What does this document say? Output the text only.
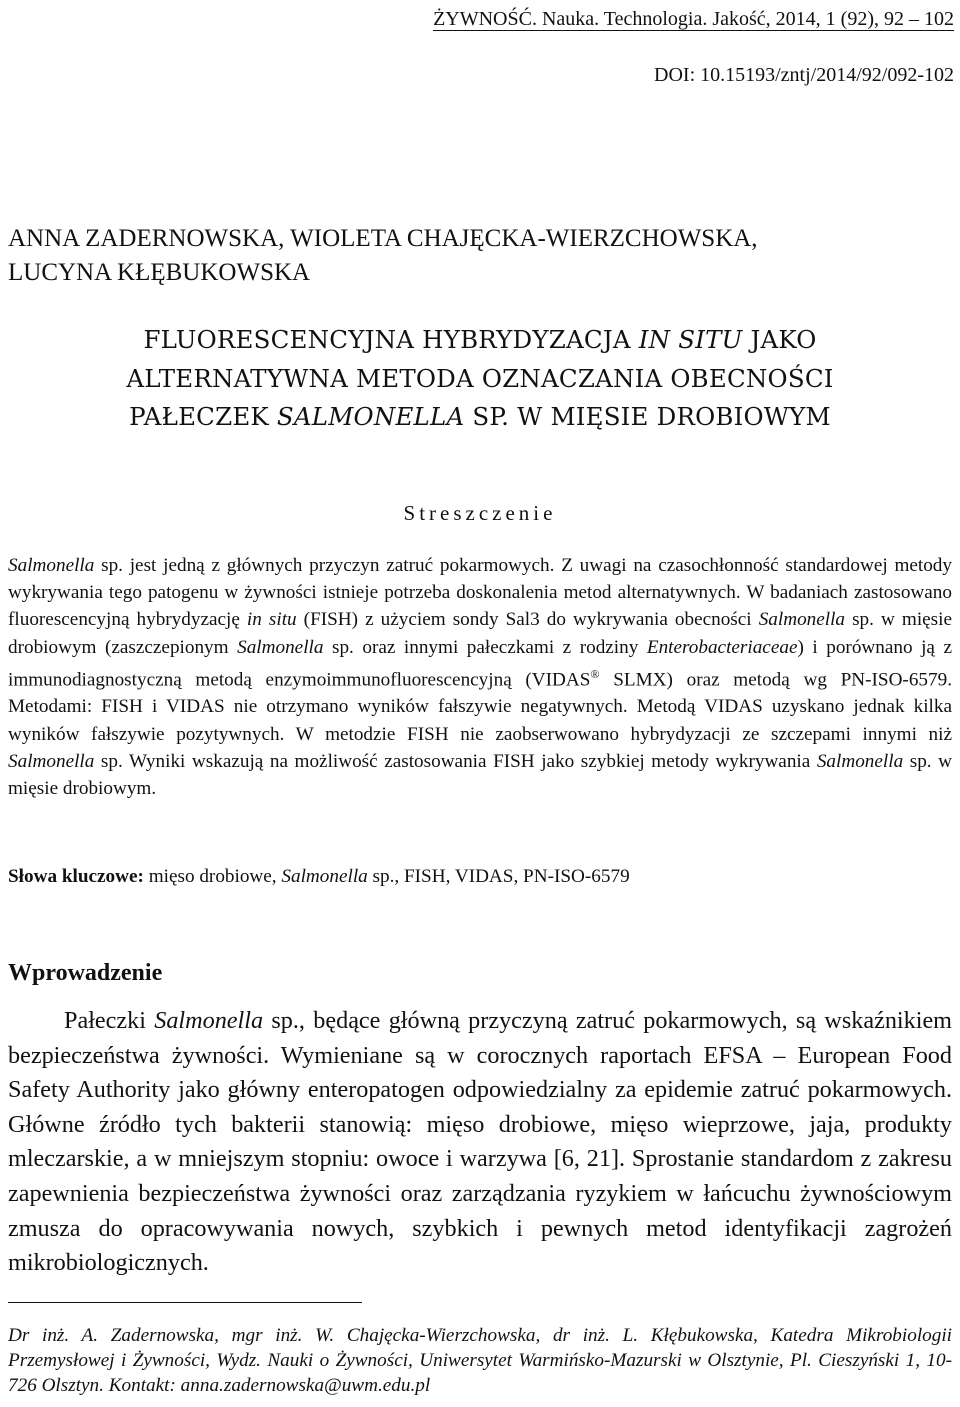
ŻYWNOŚĆ. Nauka. Technologia. Jakość, 2014, 1 (92), 92 – 102
DOI: 10.15193/zntj/2014/92/092-102
ANNA ZADERNOWSKA, WIOLETA CHAJĘCKA-WIERZCHOWSKA,
LUCYNA KŁĘBUKOWSKA
FLUORESCENCYJNA HYBRYDYZACJA IN SITU JAKO
ALTERNATYWNA METODA OZNACZANIA OBECNOŚCI
PAŁECZEK SALMONELLA SP. W MIĘSIE DROBIOWYM
Streszczenie
Salmonella sp. jest jedną z głównych przyczyn zatruć pokarmowych. Z uwagi na czasochłonność standardowej metody wykrywania tego patogenu w żywności istnieje potrzeba doskonalenia metod alternatywnych. W badaniach zastosowano fluorescencyjną hybrydyzację in situ (FISH) z użyciem sondy Sal3 do wykrywania obecności Salmonella sp. w mięsie drobiowym (zaszczepionym Salmonella sp. oraz innymi pałeczkami z rodziny Enterobacteriaceae) i porównano ją z immunodiagnostyczną metodą enzymoimmunofluorescencyjną (VIDAS® SLMX) oraz metodą wg PN-ISO-6579. Metodami: FISH i VIDAS nie otrzymano wyników fałszywie negatywnych. Metodą VIDAS uzyskano jednak kilka wyników fałszywie pozytywnych. W metodzie FISH nie zaobserwowano hybrydyzacji ze szczepami innymi niż Salmonella sp. Wyniki wskazują na możliwość zastosowania FISH jako szybkiej metody wykrywania Salmonella sp. w mięsie drobiowym.
Słowa kluczowe: mięso drobiowe, Salmonella sp., FISH, VIDAS, PN-ISO-6579
Wprowadzenie
Pałeczki Salmonella sp., będące główną przyczyną zatruć pokarmowych, są wskaźnikiem bezpieczeństwa żywności. Wymieniane są w corocznych raportach EFSA – European Food Safety Authority jako główny enteropatogen odpowiedzialny za epidemie zatruć pokarmowych. Główne źródło tych bakterii stanowią: mięso drobiowe, mięso wieprzowe, jaja, produkty mleczarskie, a w mniejszym stopniu: owoce i warzywa [6, 21]. Sprostanie standardom z zakresu zapewnienia bezpieczeństwa żywności oraz zarządzania ryzykiem w łańcuchu żywnościowym zmusza do opracowywania nowych, szybkich i pewnych metod identyfikacji zagrożeń mikrobiologicznych.
Dr inż. A. Zadernowska, mgr inż. W. Chajęcka-Wierzchowska, dr inż. L. Kłębukowska, Katedra Mikrobiologii Przemysłowej i Żywności, Wydz. Nauki o Żywności, Uniwersytet Warmińsko-Mazurski w Olsztynie, Pl. Cieszyński 1, 10-726 Olsztyn. Kontakt: anna.zadernowska@uwm.edu.pl
